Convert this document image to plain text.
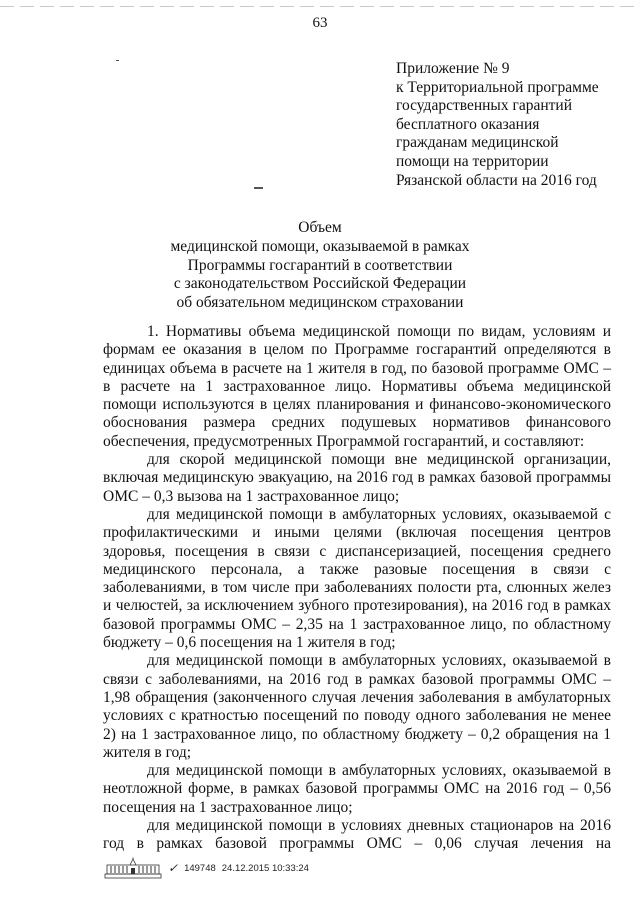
63
Приложение № 9
к Территориальной программе
государственных гарантий
бесплатного оказания
гражданам медицинской
помощи на территории
Рязанской области на 2016 год
Объем
медицинской помощи, оказываемой в рамках
Программы госгарантий в соответствии
с законодательством Российской Федерации
об обязательном медицинском страховании

1. Нормативы объема медицинской помощи по видам, условиям и формам ее оказания в целом по Программе госгарантий определяются в единицах объема в расчете на 1 жителя в год, по базовой программе ОМС – в расчете на 1 застрахованное лицо. Нормативы объема медицинской помощи используются в целях планирования и финансово-экономического обоснования размера средних подушевых нормативов финансового обеспечения, предусмотренных Программой госгарантий, и составляют:

для скорой медицинской помощи вне медицинской организации, включая медицинскую эвакуацию, на 2016 год в рамках базовой программы ОМС – 0,3 вызова на 1 застрахованное лицо;

для медицинской помощи в амбулаторных условиях, оказываемой с профилактическими и иными целями (включая посещения центров здоровья, посещения в связи с диспансеризацией, посещения среднего медицинского персонала, а также разовые посещения в связи с заболеваниями, в том числе при заболеваниях полости рта, слюнных желез и челюстей, за исключением зубного протезирования), на 2016 год в рамках базовой программы ОМС – 2,35 на 1 застрахованное лицо, по областному бюджету – 0,6 посещения на 1 жителя в год;

для медицинской помощи в амбулаторных условиях, оказываемой в связи с заболеваниями, на 2016 год в рамках базовой программы ОМС – 1,98 обращения (законченного случая лечения заболевания в амбулаторных условиях с кратностью посещений по поводу одного заболевания не менее 2) на 1 застрахованное лицо, по областному бюджету – 0,2 обращения на 1 жителя в год;

для медицинской помощи в амбулаторных условиях, оказываемой в неотложной форме, в рамках базовой программы ОМС на 2016 год – 0,56 посещения на 1 застрахованное лицо;

для медицинской помощи в условиях дневных стационаров на 2016 год в рамках базовой программы ОМС – 0,06 случая лечения на

✓ 149748 24.12.2015 10:33:24
